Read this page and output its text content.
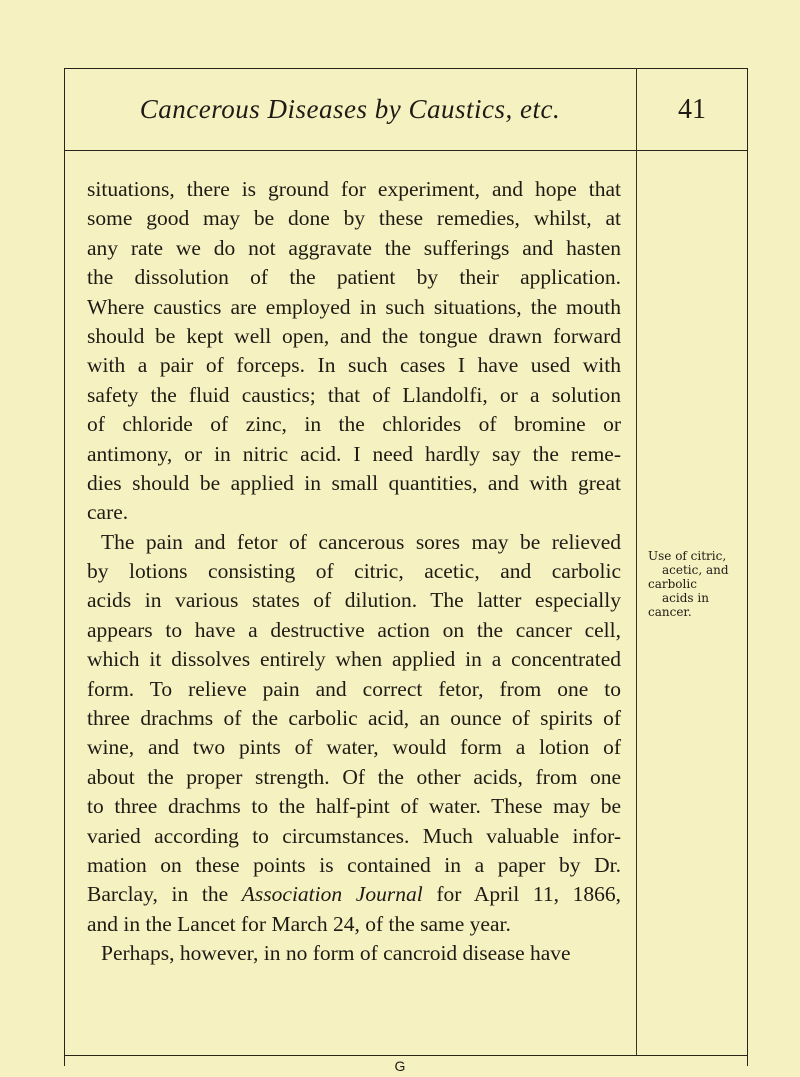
Cancerous Diseases by Caustics, etc.	41
situations, there is ground for experiment, and hope that
some good may be done by these remedies, whilst, at
any rate we do not aggravate the sufferings and hasten
the dissolution of the patient by their application.
Where caustics are employed in such situations, the mouth
should be kept well open, and the tongue drawn forward
with a pair of forceps. In such cases I have used with
safety the fluid caustics; that of Llandolfi, or a solution
of chloride of zinc, in the chlorides of bromine or
antimony, or in nitric acid. I need hardly say the reme-
dies should be applied in small quantities, and with great
care.
The pain and fetor of cancerous sores may be relieved
by lotions consisting of citric, acetic, and carbolic
acids in various states of dilution. The latter especially
appears to have a destructive action on the cancer cell,
which it dissolves entirely when applied in a concentrated
form. To relieve pain and correct fetor, from one to
three drachms of the carbolic acid, an ounce of spirits of
wine, and two pints of water, would form a lotion of
about the proper strength. Of the other acids, from one
to three drachms to the half-pint of water. These may be
varied according to circumstances. Much valuable infor-
mation on these points is contained in a paper by Dr.
Barclay, in the Association Journal for April 11, 1866,
and in the Lancet for March 24, of the same year.
Perhaps, however, in no form of cancroid disease have
Use of citric,
acetic, and
carbolic
acids in
cancer.
G
